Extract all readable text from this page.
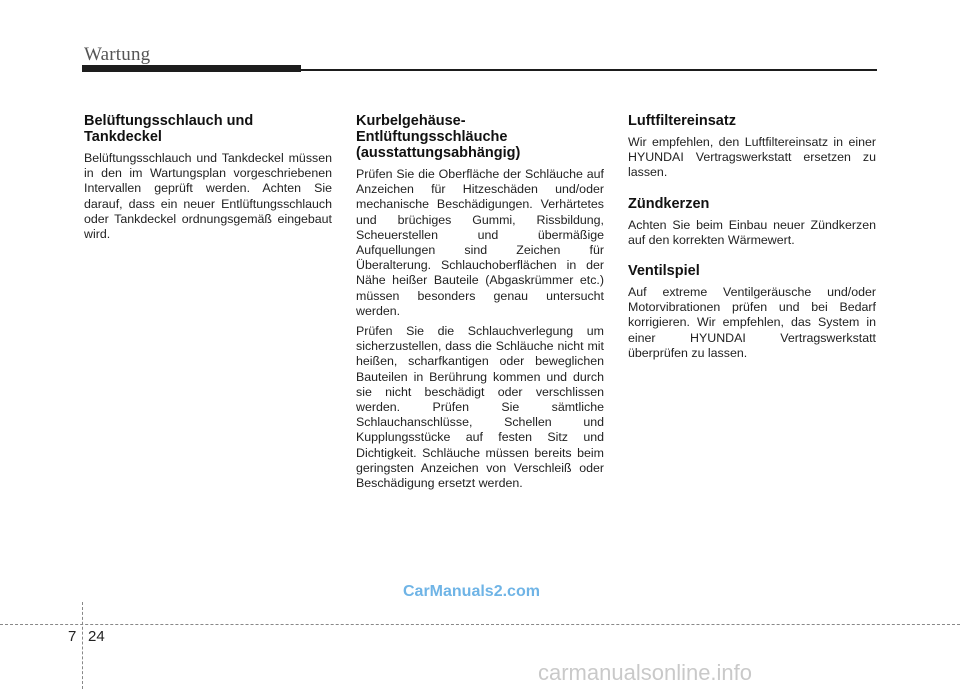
Wartung
Belüftungsschlauch und Tankdeckel

Belüftungsschlauch und Tankdeckel müssen in den im Wartungsplan vorgeschriebenen Intervallen geprüft werden. Achten Sie darauf, dass ein neuer Entlüftungsschlauch oder Tankdeckel ordnungsgemäß eingebaut wird.

Kurbelgehäuse-Entlüftungsschläuche (ausstattungsabhängig)

Prüfen Sie die Oberfläche der Schläuche auf Anzeichen für Hitzeschäden und/oder mechanische Beschädigungen. Verhärtetes und brüchiges Gummi, Rissbildung, Scheuerstellen und übermäßige Aufquellungen sind Zeichen für Überalterung. Schlauchoberflächen in der Nähe heißer Bauteile (Abgaskrümmer etc.) müssen besonders genau untersucht werden.

Prüfen Sie die Schlauchverlegung um sicherzustellen, dass die Schläuche nicht mit heißen, scharfkantigen oder beweglichen Bauteilen in Berührung kommen und durch sie nicht beschädigt oder verschlissen werden. Prüfen Sie sämtliche Schlauchanschlüsse, Schellen und Kupplungsstücke auf festen Sitz und Dichtigkeit. Schläuche müssen bereits beim geringsten Anzeichen von Verschleiß oder Beschädigung ersetzt werden.

Luftfiltereinsatz

Wir empfehlen, den Luftfiltereinsatz in einer HYUNDAI Vertragswerkstatt ersetzen zu lassen.

Zündkerzen

Achten Sie beim Einbau neuer Zündkerzen auf den korrekten Wärmewert.

Ventilspiel

Auf extreme Ventilgeräusche und/oder Motorvibrationen prüfen und bei Bedarf korrigieren. Wir empfehlen, das System in einer HYUNDAI Vertragswerkstatt überprüfen zu lassen.

CarManuals2.com
7 24
carmanualsonline.info
